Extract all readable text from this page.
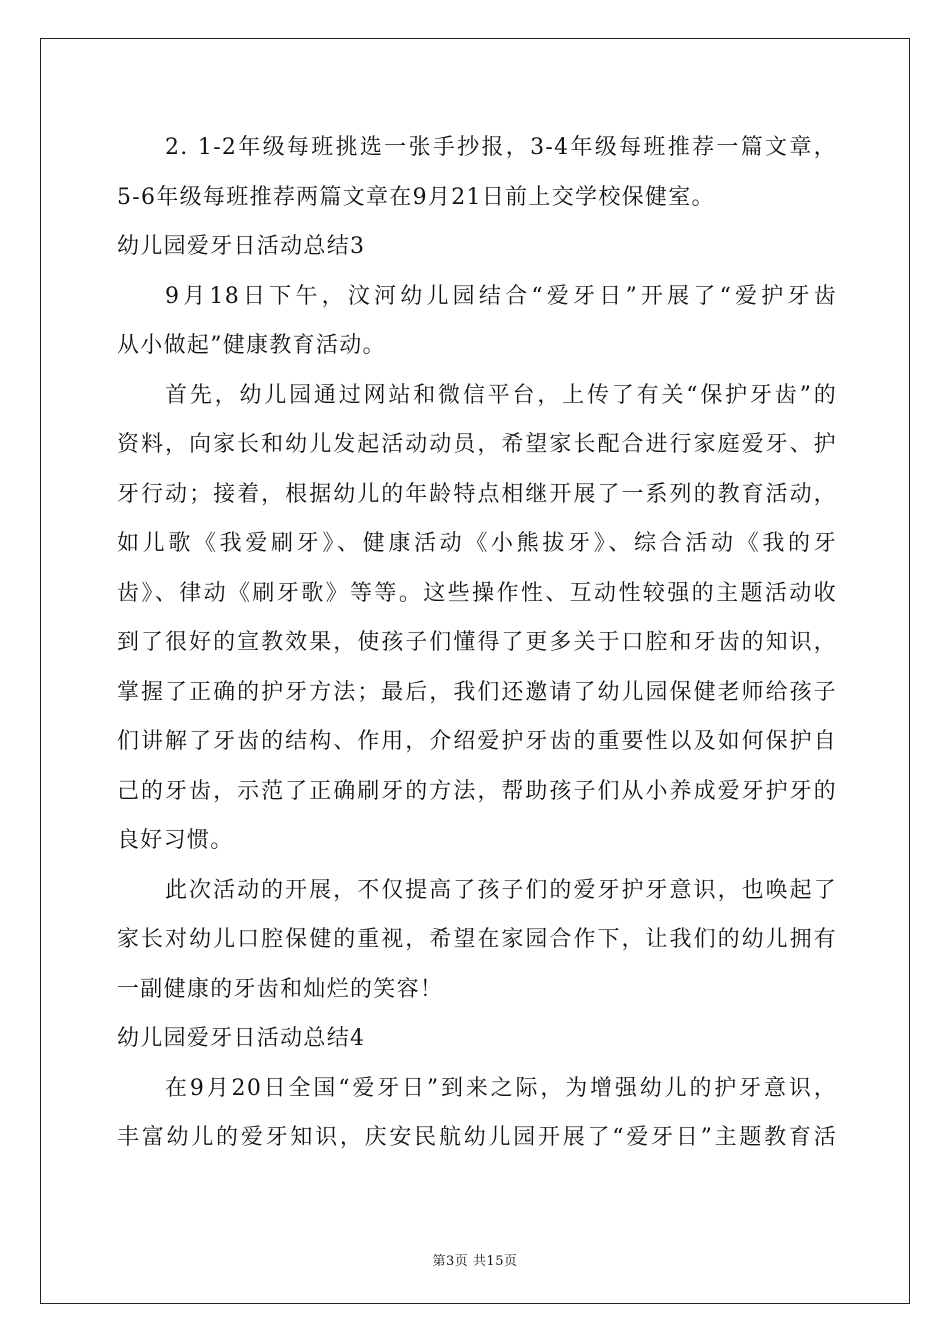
2. 1-2年级每班挑选一张手抄报，3-4年级每班推荐一篇文章，
5-6年级每班推荐两篇文章在9月21日前上交学校保健室。
幼儿园爱牙日活动总结3
9月18日下午，汶河幼儿园结合“爱牙日”开展了“爱护牙齿
从小做起”健康教育活动。
首先，幼儿园通过网站和微信平台，上传了有关“保护牙齿”的
资料，向家长和幼儿发起活动动员，希望家长配合进行家庭爱牙、护
牙行动；接着，根据幼儿的年龄特点相继开展了一系列的教育活动，
如儿歌《我爱刷牙》、健康活动《小熊拔牙》、综合活动《我的牙
齿》、律动《刷牙歌》等等。这些操作性、互动性较强的主题活动收
到了很好的宣教效果，使孩子们懂得了更多关于口腔和牙齿的知识，
掌握了正确的护牙方法；最后，我们还邀请了幼儿园保健老师给孩子
们讲解了牙齿的结构、作用，介绍爱护牙齿的重要性以及如何保护自
己的牙齿，示范了正确刷牙的方法，帮助孩子们从小养成爱牙护牙的
良好习惯。
此次活动的开展，不仅提高了孩子们的爱牙护牙意识，也唤起了
家长对幼儿口腔保健的重视，希望在家园合作下，让我们的幼儿拥有
一副健康的牙齿和灿烂的笑容！
幼儿园爱牙日活动总结4
在9月20日全国“爱牙日”到来之际，为增强幼儿的护牙意识，
丰富幼儿的爱牙知识，庆安民航幼儿园开展了“爱牙日”主题教育活
第3页 共15页
